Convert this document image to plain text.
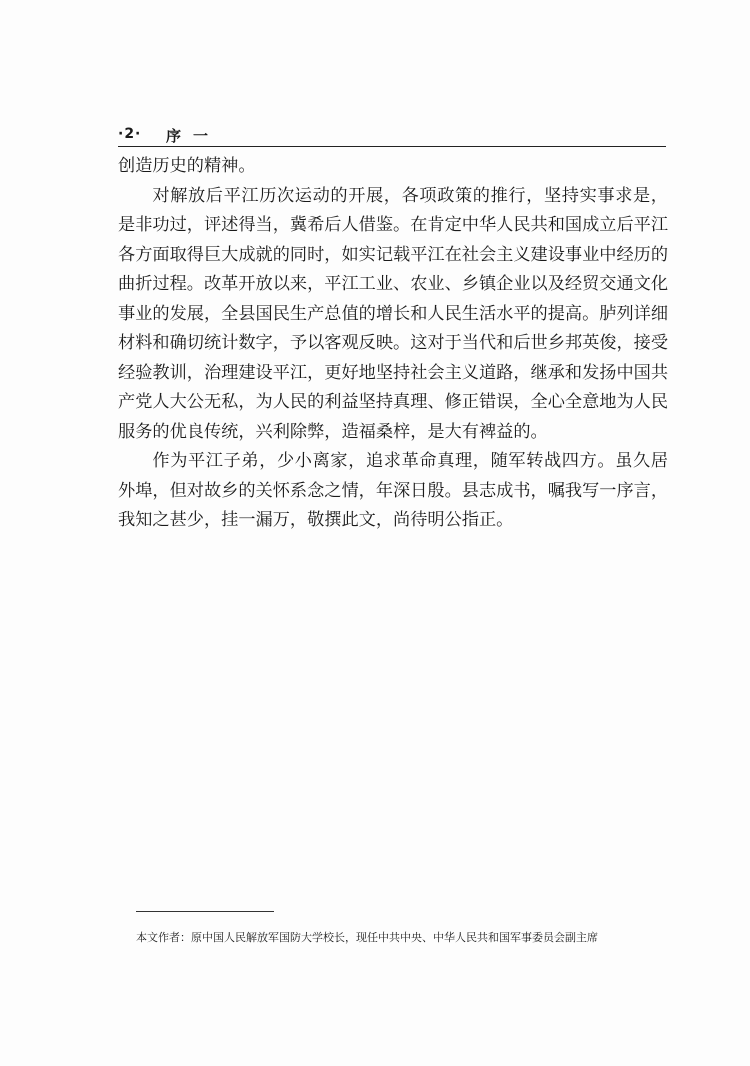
·2· 序一

创造历史的精神。

对解放后平江历次运动的开展，各项政策的推行，坚持实事求是，是非功过，评述得当，冀希后人借鉴。在肯定中华人民共和国成立后平江各方面取得巨大成就的同时，如实记载平江在社会主义建设事业中经历的曲折过程。改革开放以来，平江工业、农业、乡镇企业以及经贸交通文化事业的发展，全县国民生产总值的增长和人民生活水平的提高。胪列详细材料和确切统计数字，予以客观反映。这对于当代和后世乡邦英俊，接受经验教训，治理建设平江，更好地坚持社会主义道路，继承和发扬中国共产党人大公无私，为人民的利益坚持真理、修正错误，全心全意地为人民服务的优良传统，兴利除弊，造福桑梓，是大有裨益的。

作为平江子弟，少小离家，追求革命真理，随军转战四方。虽久居外埠，但对故乡的关怀系念之情，年深日殷。县志成书，嘱我写一序言，我知之甚少，挂一漏万，敬撰此文，尚待明公指正。

本文作者：原中国人民解放军国防大学校长，现任中共中央、中华人民共和国军事委员会副主席
